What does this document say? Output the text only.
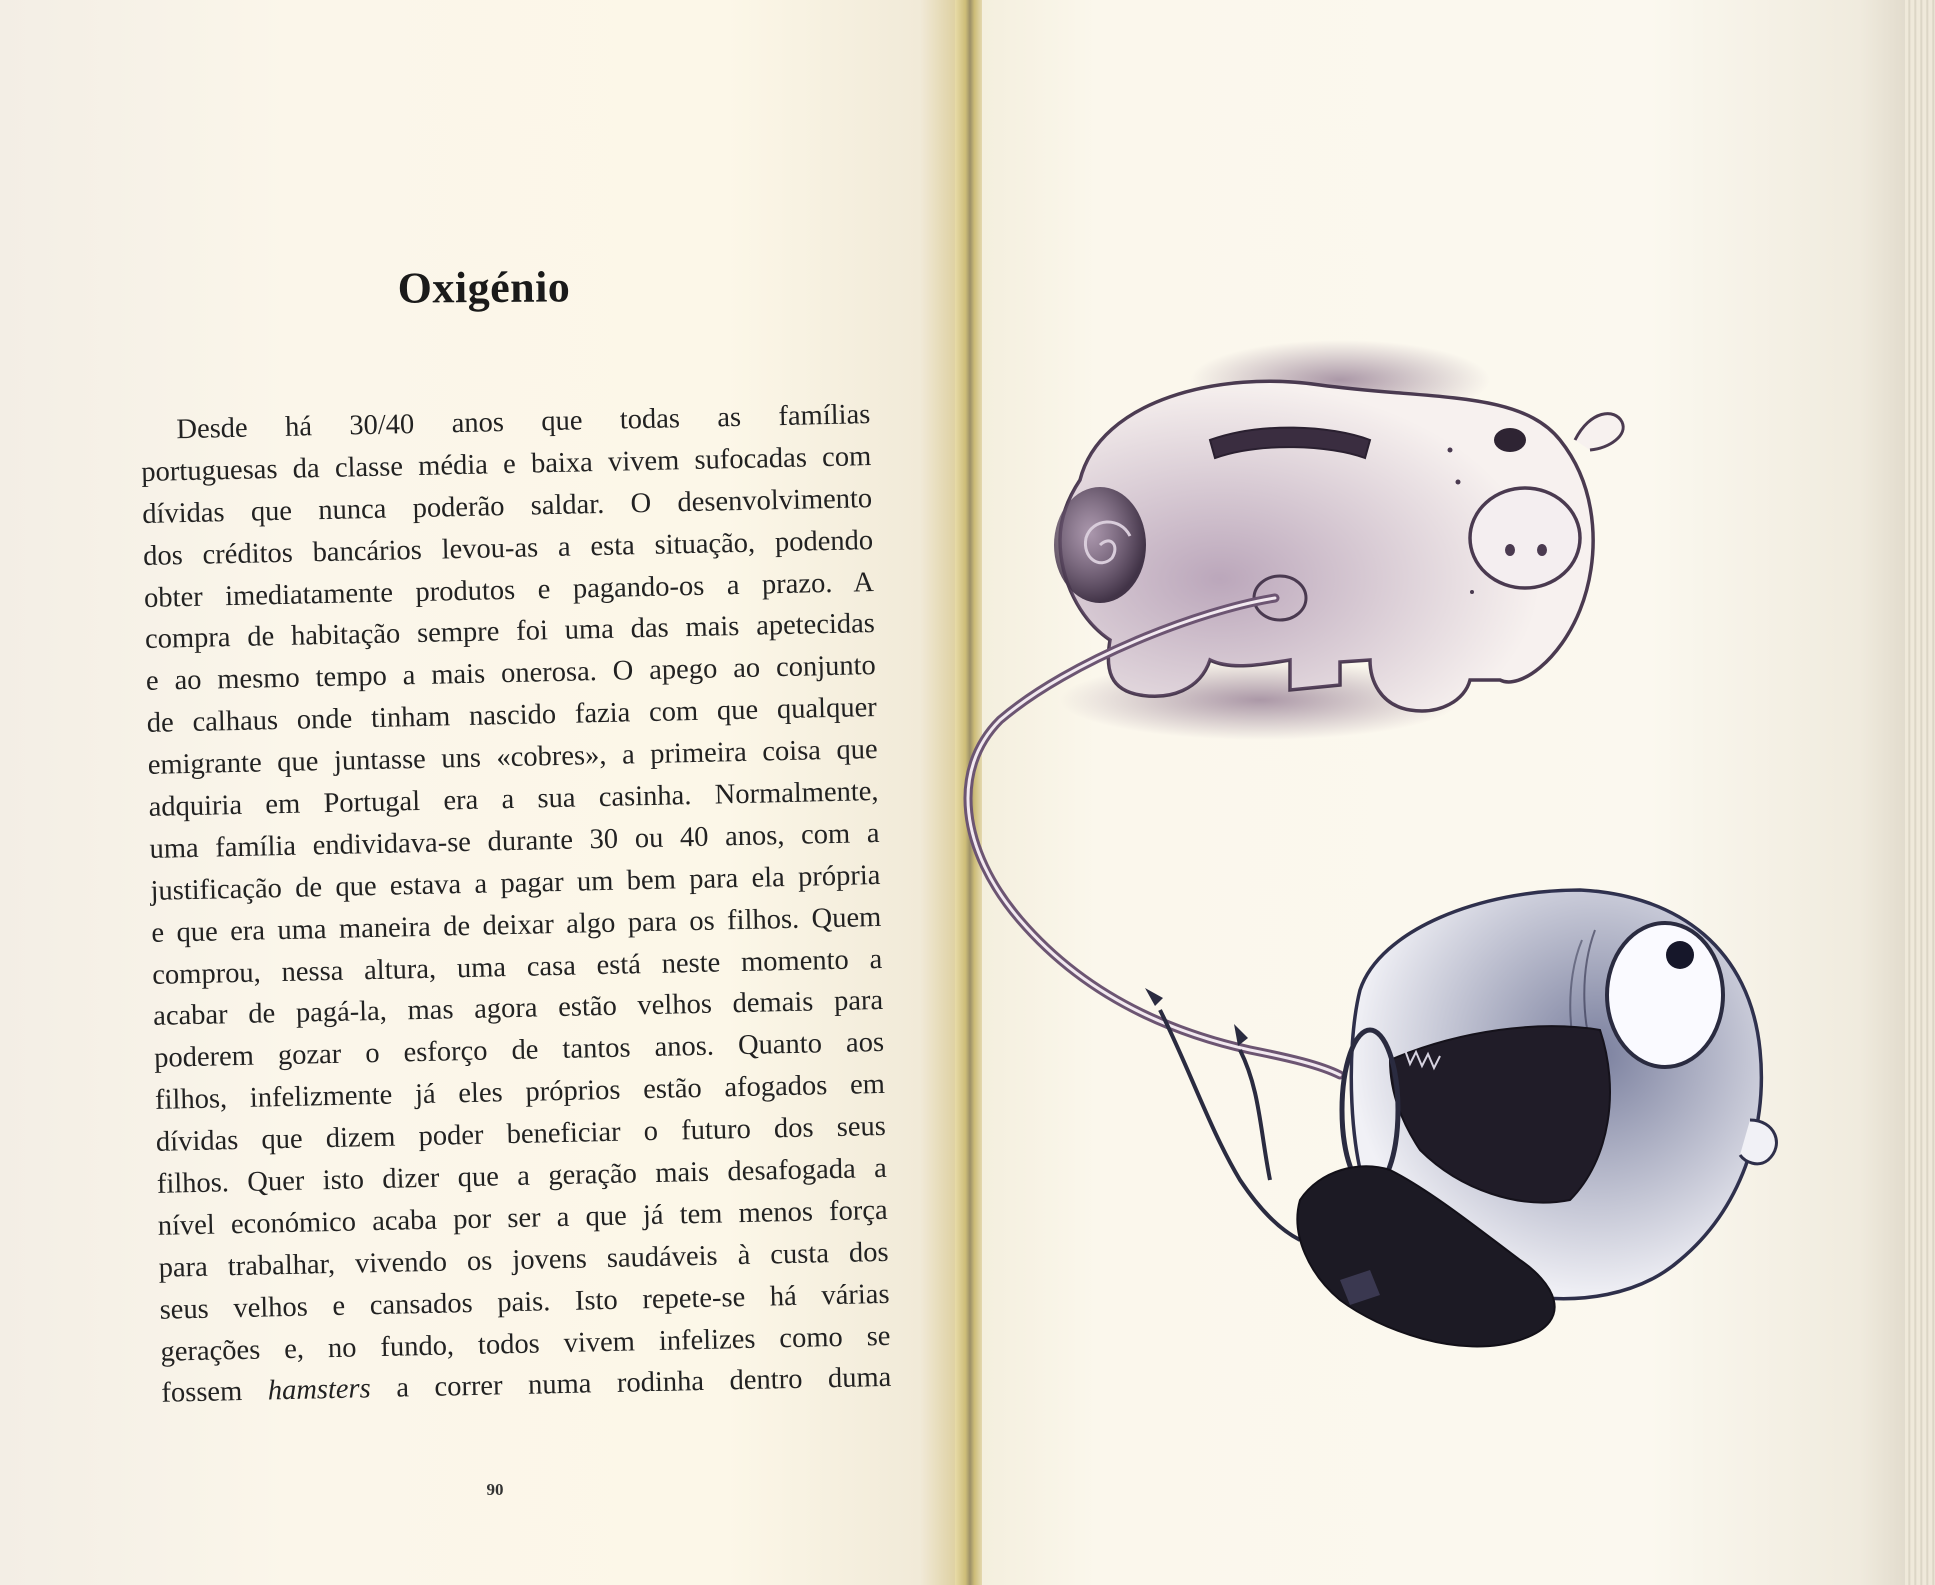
Oxigénio
Desde há 30/40 anos que todas as famílias
portuguesas da classe média e baixa vivem sufocadas com
dívidas que nunca poderão saldar. O desenvolvimento
dos créditos bancários levou-as a esta situação, podendo
obter imediatamente produtos e pagando-os a prazo. A
compra de habitação sempre foi uma das mais apetecidas
e ao mesmo tempo a mais onerosa. O apego ao conjunto
de calhaus onde tinham nascido fazia com que qualquer
emigrante que juntasse uns «cobres», a primeira coisa que
adquiria em Portugal era a sua casinha. Normalmente,
uma família endividava-se durante 30 ou 40 anos, com a
justificação de que estava a pagar um bem para ela própria
e que era uma maneira de deixar algo para os filhos. Quem
comprou, nessa altura, uma casa está neste momento a
acabar de pagá-la, mas agora estão velhos demais para
poderem gozar o esforço de tantos anos. Quanto aos
filhos, infelizmente já eles próprios estão afogados em
dívidas que dizem poder beneficiar o futuro dos seus
filhos. Quer isto dizer que a geração mais desafogada a
nível económico acaba por ser a que já tem menos força
para trabalhar, vivendo os jovens saudáveis à custa dos
seus velhos e cansados pais. Isto repete-se há várias
gerações e, no fundo, todos vivem infelizes como se
fossem hamsters a correr numa rodinha dentro duma
90
